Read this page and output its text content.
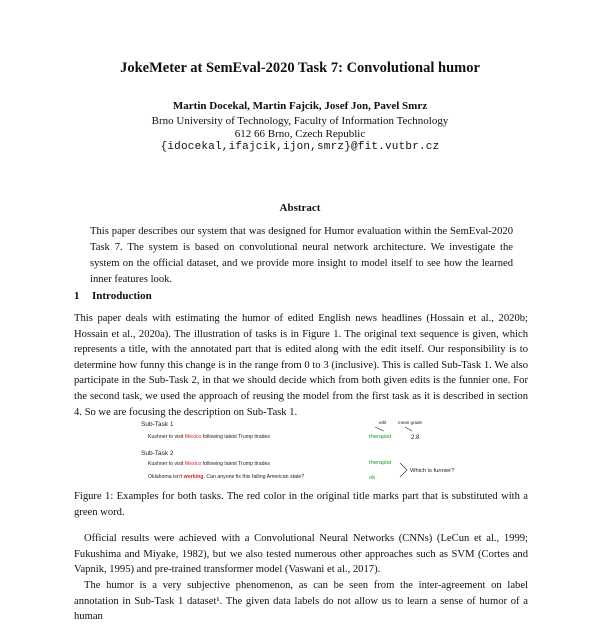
JokeMeter at SemEval-2020 Task 7: Convolutional humor
Martin Docekal, Martin Fajcik, Josef Jon, Pavel Smrz
Brno University of Technology, Faculty of Information Technology
612 66 Brno, Czech Republic
{idocekal,ifajcik,ijon,smrz}@fit.vutbr.cz
Abstract
This paper describes our system that was designed for Humor evaluation within the SemEval-2020 Task 7. The system is based on convolutional neural network architecture. We investigate the system on the official dataset, and we provide more insight to model itself to see how the learned inner features look.
1 Introduction
This paper deals with estimating the humor of edited English news headlines (Hossain et al., 2020b; Hossain et al., 2020a). The illustration of tasks is in Figure 1. The original text sequence is given, which represents a title, with the annotated part that is edited along with the edit itself. Our responsibility is to determine how funny this change is in the range from 0 to 3 (inclusive). This is called Sub-Task 1. We also participate in the Sub-Task 2, in that we should decide which from both given edits is the funnier one. For the second task, we used the approach of reusing the model from the first task as it is described in section 4. So we are focusing the description on Sub-Task 1.
Sub-Task 1	edit	mean grade
Kushner to visit Mexico following latest Trump tirades	therapist	2.8
Sub-Task 2
Kushner to visit Mexico following latest Trump tirades	therapist
Oklahoma isn't working. Can anyone fix this failing American state?	ok
Which is funnier?
Figure 1: Examples for both tasks. The red color in the original title marks part that is substituted with a green word.
Official results were achieved with a Convolutional Neural Networks (CNNs) (LeCun et al., 1999; Fukushima and Miyake, 1982), but we also tested numerous other approaches such as SVM (Cortes and Vapnik, 1995) and pre-trained transformer model (Vaswani et al., 2017).
The humor is a very subjective phenomenon, as can be seen from the inter-agreement on label annotation in Sub-Task 1 dataset¹. The given data labels do not allow us to learn a sense of humor of a human
